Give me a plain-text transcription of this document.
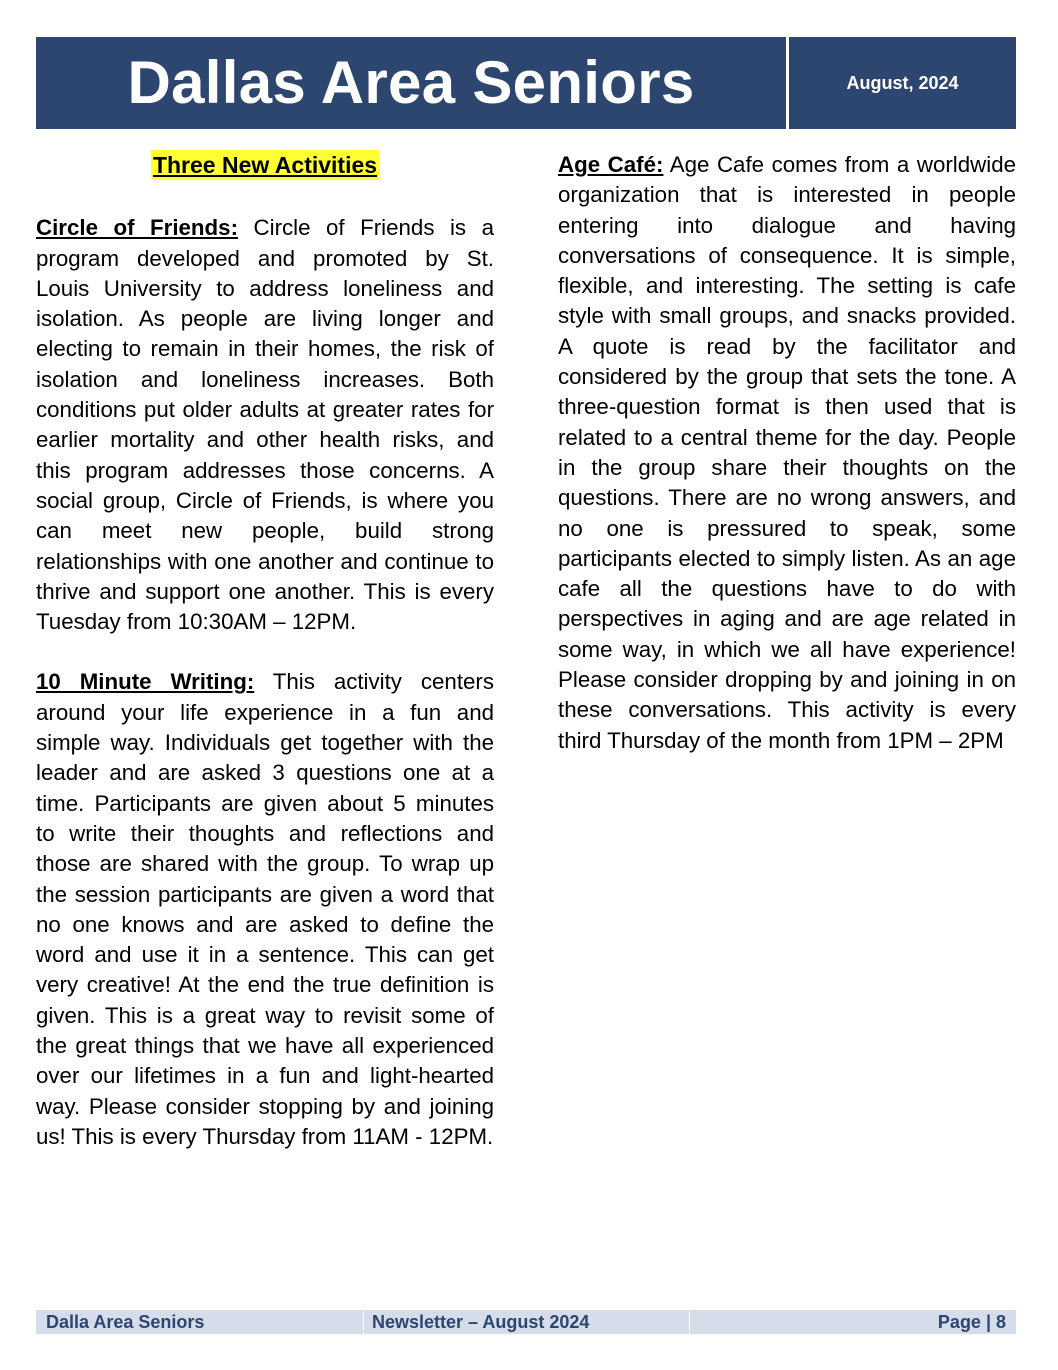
Dallas Area Seniors	August, 2024
Three New Activities

Circle of Friends: Circle of Friends is a program developed and promoted by St. Louis University to address loneliness and isolation. As people are living longer and electing to remain in their homes, the risk of isolation and loneliness increases. Both conditions put older adults at greater rates for earlier mortality and other health risks, and this program addresses those concerns. A social group, Circle of Friends, is where you can meet new people, build strong relationships with one another and continue to thrive and support one another. This is every Tuesday from 10:30AM – 12PM.

10 Minute Writing: This activity centers around your life experience in a fun and simple way. Individuals get together with the leader and are asked 3 questions one at a time. Participants are given about 5 minutes to write their thoughts and reflections and those are shared with the group. To wrap up the session participants are given a word that no one knows and are asked to define the word and use it in a sentence. This can get very creative! At the end the true definition is given. This is a great way to revisit some of the great things that we have all experienced over our lifetimes in a fun and light-hearted way. Please consider stopping by and joining us! This is every Thursday from 11AM - 12PM.

Age Café: Age Cafe comes from a worldwide organization that is interested in people entering into dialogue and having conversations of consequence. It is simple, flexible, and interesting. The setting is cafe style with small groups, and snacks provided. A quote is read by the facilitator and considered by the group that sets the tone. A three-question format is then used that is related to a central theme for the day. People in the group share their thoughts on the questions. There are no wrong answers, and no one is pressured to speak, some participants elected to simply listen. As an age cafe all the questions have to do with perspectives in aging and are age related in some way, in which we all have experience! Please consider dropping by and joining in on these conversations. This activity is every third Thursday of the month from 1PM – 2PM

Dalla Area Seniors	Newsletter – August 2024	Page | 8
